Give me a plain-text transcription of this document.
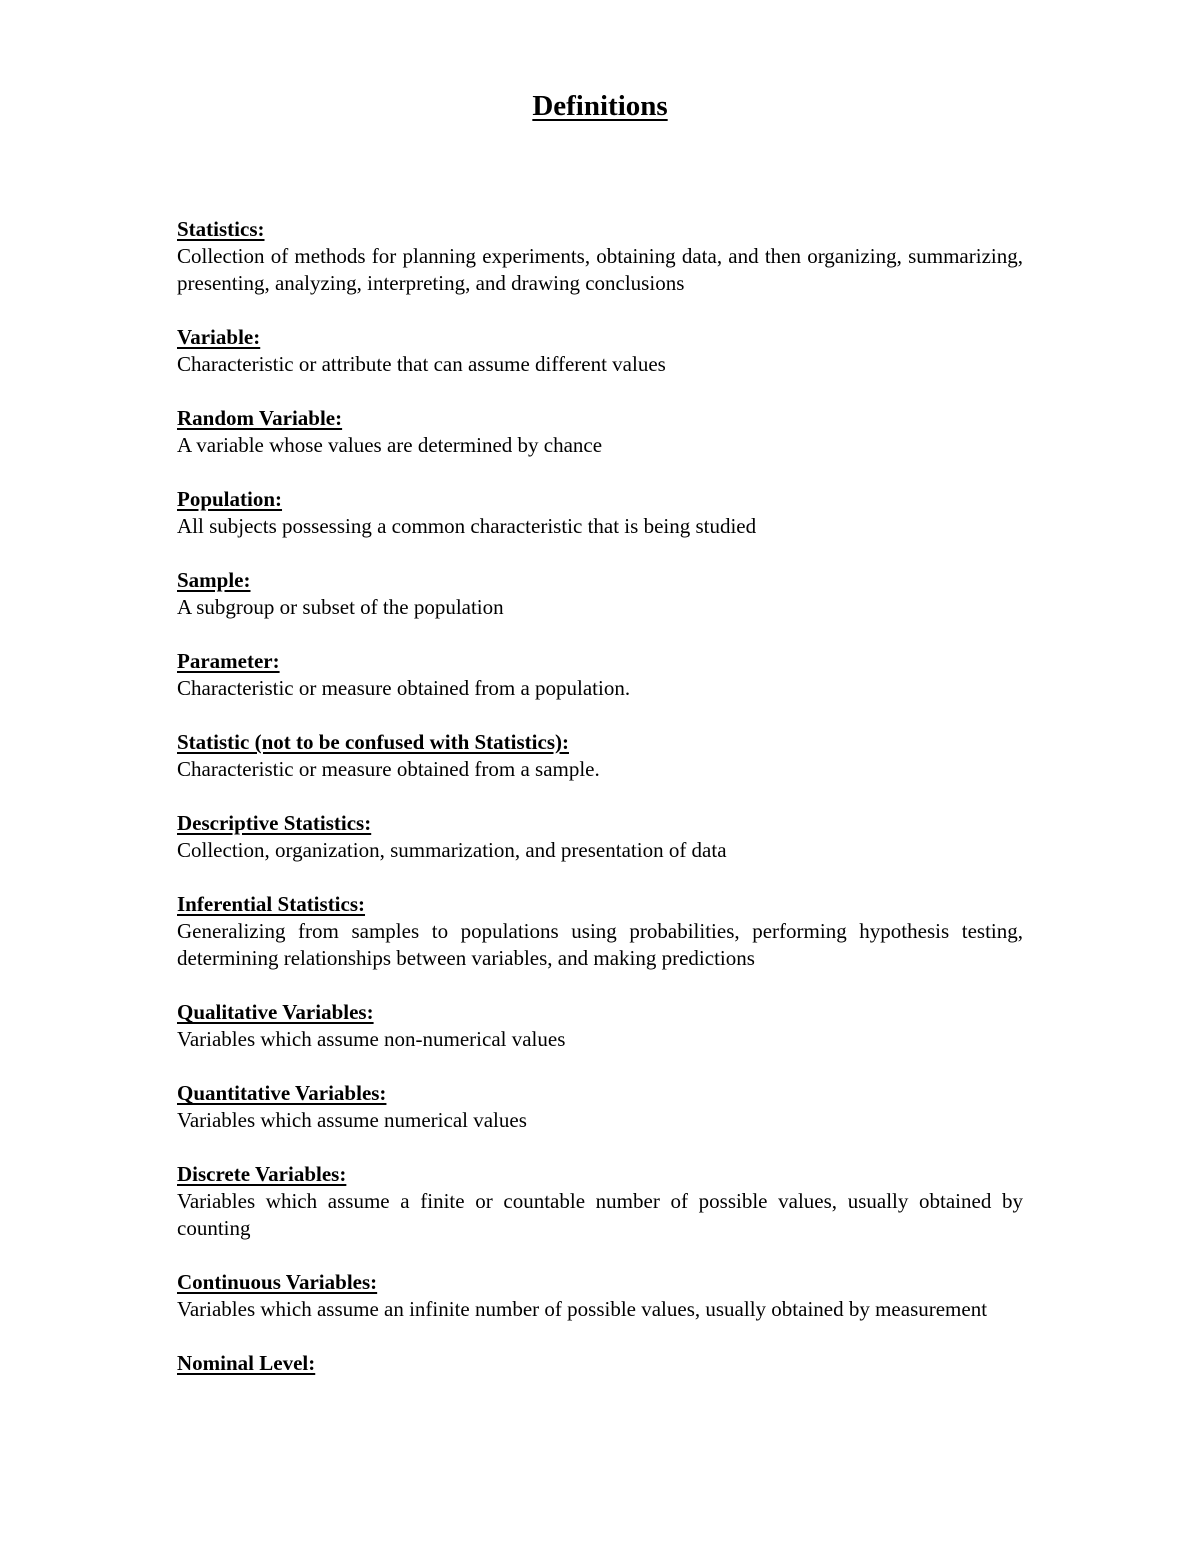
Definitions
Statistics:
Collection of methods for planning experiments, obtaining data, and then organizing, summarizing, presenting, analyzing, interpreting, and drawing conclusions
Variable:
Characteristic or attribute that can assume different values
Random Variable:
A variable whose values are determined by chance
Population:
All subjects possessing a common characteristic that is being studied
Sample:
A subgroup or subset of the population
Parameter:
Characteristic or measure obtained from a population.
Statistic (not to be confused with Statistics):
Characteristic or measure obtained from a sample.
Descriptive Statistics:
Collection, organization, summarization, and presentation of data
Inferential Statistics:
Generalizing from samples to populations using probabilities, performing hypothesis testing, determining relationships between variables, and making predictions
Qualitative Variables:
Variables which assume non-numerical values
Quantitative Variables:
Variables which assume numerical values
Discrete Variables:
Variables which assume a finite or countable number of possible values, usually obtained by counting
Continuous Variables:
Variables which assume an infinite number of possible values, usually obtained by measurement
Nominal Level:
